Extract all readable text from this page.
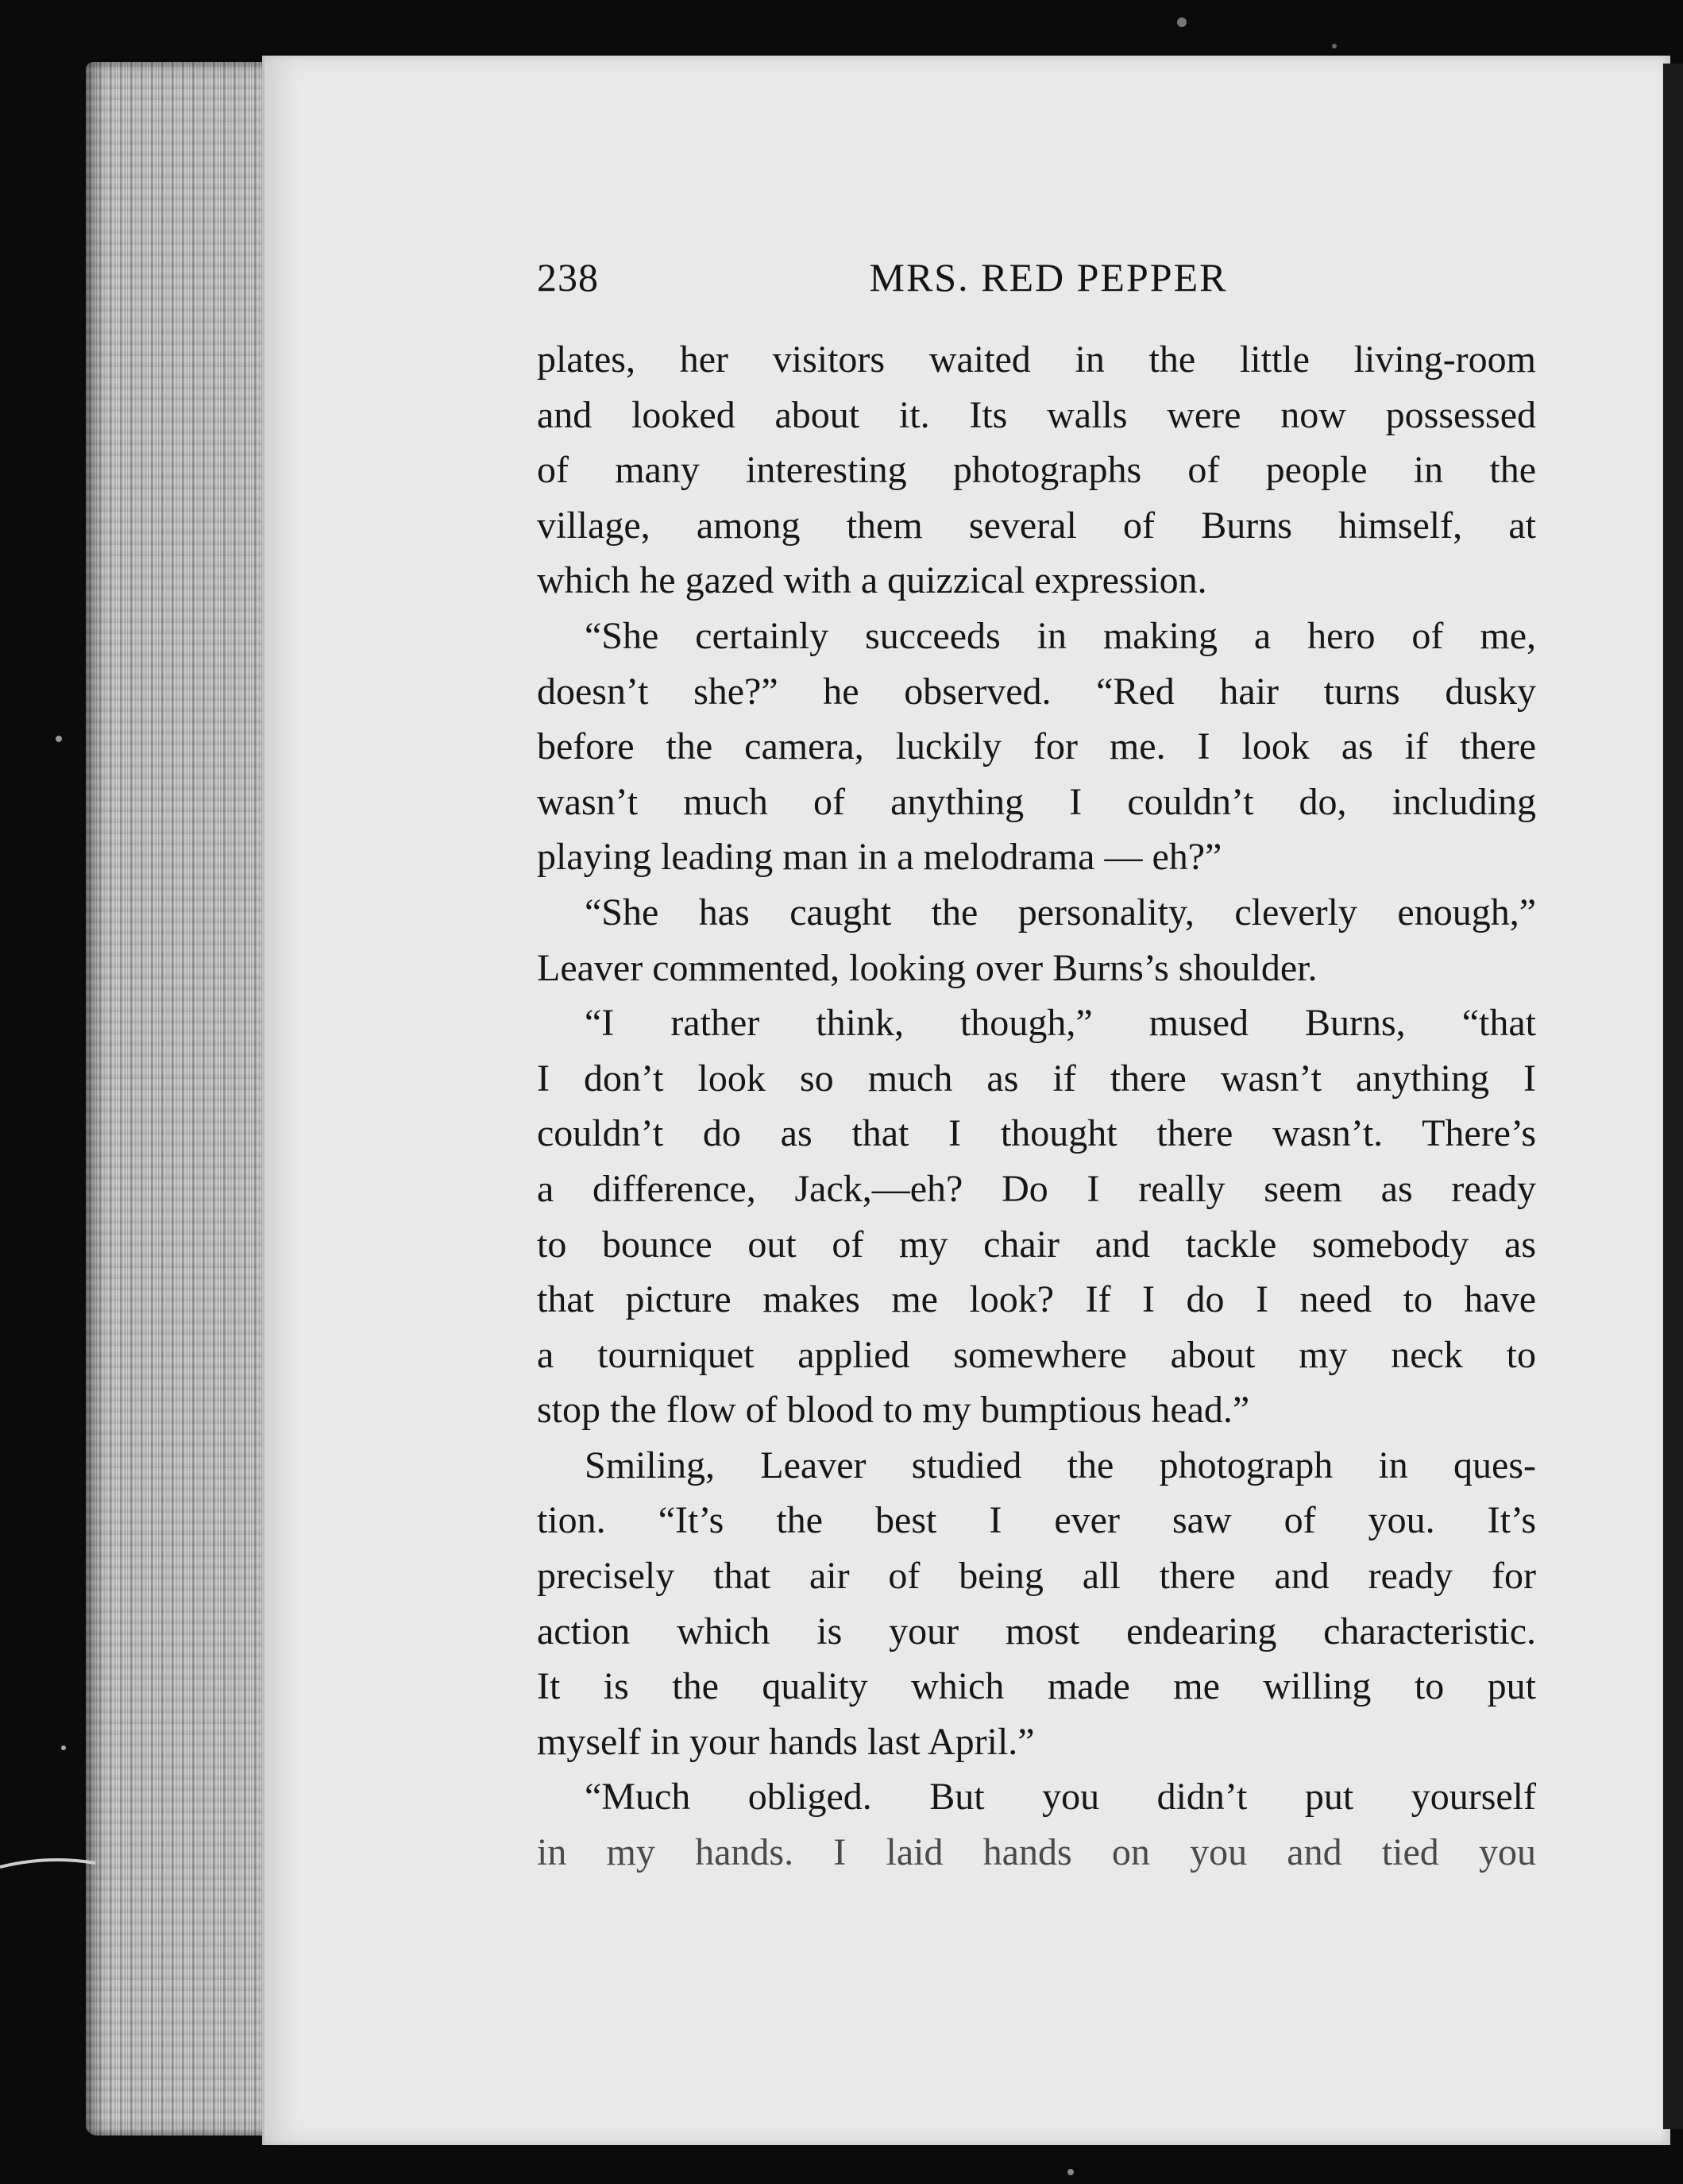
238	MRS. RED PEPPER
plates, her visitors waited in the little living-room
and looked about it. Its walls were now possessed
of many interesting photographs of people in the
village, among them several of Burns himself, at
which he gazed with a quizzical expression.
“She certainly succeeds in making a hero of me,
doesn’t she?” he observed. “Red hair turns dusky
before the camera, luckily for me. I look as if there
wasn’t much of anything I couldn’t do, including
playing leading man in a melodrama — eh?”
“She has caught the personality, cleverly enough,”
Leaver commented, looking over Burns’s shoulder.
“I rather think, though,” mused Burns, “that
I don’t look so much as if there wasn’t anything I
couldn’t do as that I thought there wasn’t. There’s
a difference, Jack,—eh? Do I really seem as ready
to bounce out of my chair and tackle somebody as
that picture makes me look? If I do I need to have
a tourniquet applied somewhere about my neck to
stop the flow of blood to my bumptious head.”
Smiling, Leaver studied the photograph in ques-
tion. “It’s the best I ever saw of you. It’s
precisely that air of being all there and ready for
action which is your most endearing characteristic.
It is the quality which made me willing to put
myself in your hands last April.”
“Much obliged. But you didn’t put yourself
in my hands. I laid hands on you and tied you
